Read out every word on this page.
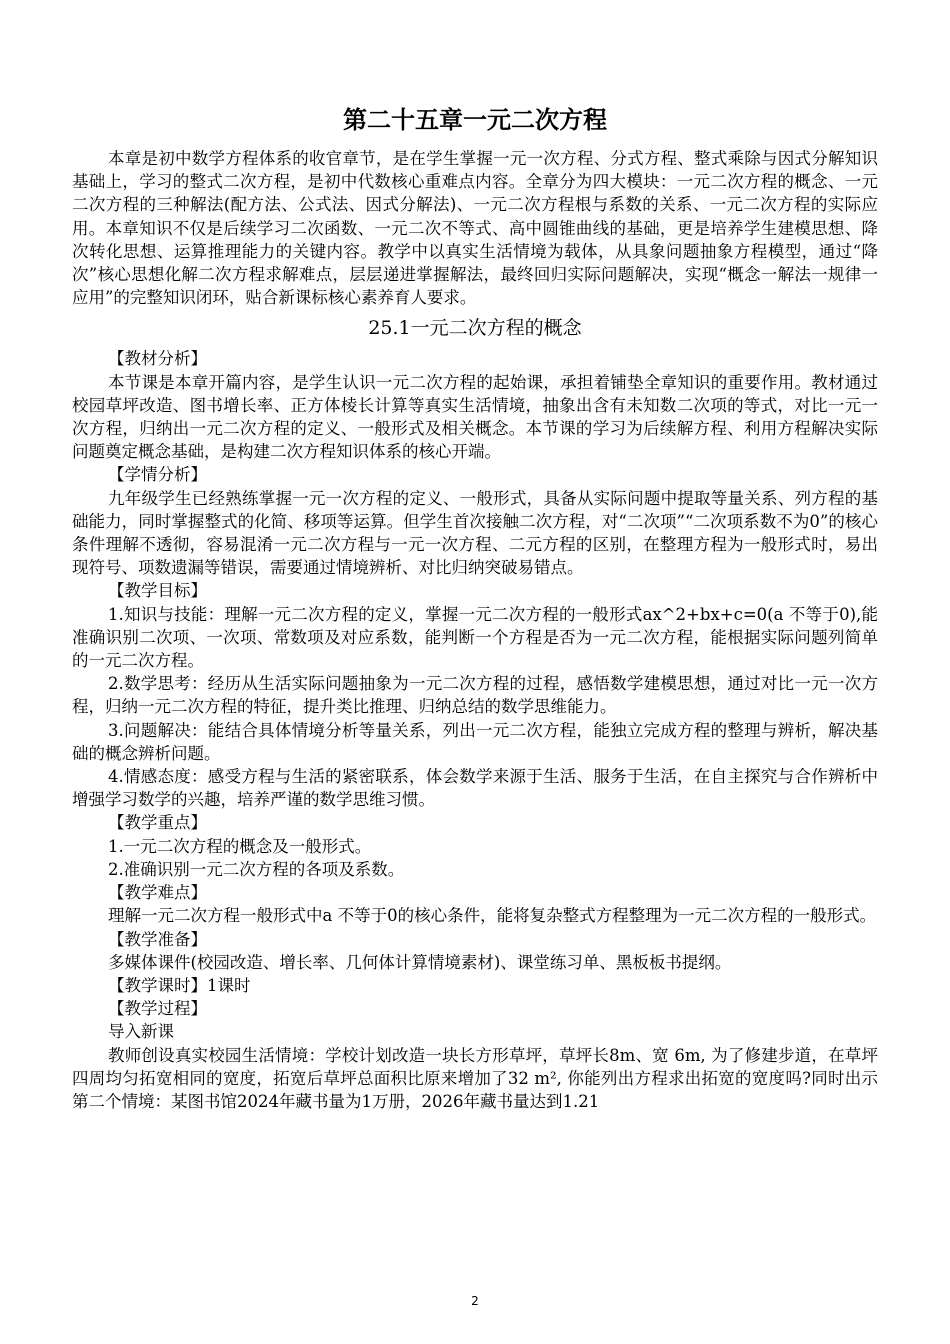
第二十五章一元二次方程

本章是初中数学方程体系的收官章节，是在学生掌握一元一次方程、分式方程、整式乘除与因式分解知识基础上，学习的整式二次方程，是初中代数核心重难点内容。全章分为四大模块：一元二次方程的概念、一元二次方程的三种解法(配方法、公式法、因式分解法)、一元二次方程根与系数的关系、一元二次方程的实际应用。本章知识不仅是后续学习二次函数、一元二次不等式、高中圆锥曲线的基础，更是培养学生建模思想、降次转化思想、运算推理能力的关键内容。教学中以真实生活情境为载体，从具象问题抽象方程模型，通过“降次”核心思想化解二次方程求解难点，层层递进掌握解法，最终回归实际问题解决，实现“概念一解法一规律一应用”的完整知识闭环，贴合新课标核心素养育人要求。

25.1一元二次方程的概念

【教材分析】

本节课是本章开篇内容，是学生认识一元二次方程的起始课，承担着铺垫全章知识的重要作用。教材通过校园草坪改造、图书增长率、正方体棱长计算等真实生活情境，抽象出含有未知数二次项的等式，对比一元一次方程，归纳出一元二次方程的定义、一般形式及相关概念。本节课的学习为后续解方程、利用方程解决实际问题奠定概念基础，是构建二次方程知识体系的核心开端。

【学情分析】

九年级学生已经熟练掌握一元一次方程的定义、一般形式，具备从实际问题中提取等量关系、列方程的基础能力，同时掌握整式的化简、移项等运算。但学生首次接触二次方程，对“二次项”“二次项系数不为0”的核心条件理解不透彻，容易混淆一元二次方程与一元一次方程、二元方程的区别，在整理方程为一般形式时，易出现符号、项数遗漏等错误，需要通过情境辨析、对比归纳突破易错点。

【教学目标】

1.知识与技能：理解一元二次方程的定义，掌握一元二次方程的一般形式ax^2+bx+c=0(a 不等于0),能准确识别二次项、一次项、常数项及对应系数，能判断一个方程是否为一元二次方程，能根据实际问题列简单的一元二次方程。

2.数学思考：经历从生活实际问题抽象为一元二次方程的过程，感悟数学建模思想，通过对比一元一次方程，归纳一元二次方程的特征，提升类比推理、归纳总结的数学思维能力。

3.问题解决：能结合具体情境分析等量关系，列出一元二次方程，能独立完成方程的整理与辨析，解决基础的概念辨析问题。

4.情感态度：感受方程与生活的紧密联系，体会数学来源于生活、服务于生活，在自主探究与合作辨析中增强学习数学的兴趣，培养严谨的数学思维习惯。

【教学重点】

1.一元二次方程的概念及一般形式。

2.准确识别一元二次方程的各项及系数。

【教学难点】

理解一元二次方程一般形式中a 不等于0的核心条件，能将复杂整式方程整理为一元二次方程的一般形式。

【教学准备】

多媒体课件(校园改造、增长率、几何体计算情境素材)、课堂练习单、黑板板书提纲。

【教学课时】1课时

【教学过程】

导入新课

教师创设真实校园生活情境：学校计划改造一块长方形草坪，草坪长8m、宽 6m, 为了修建步道，在草坪四周均匀拓宽相同的宽度，拓宽后草坪总面积比原来增加了32 m², 你能列出方程求出拓宽的宽度吗?同时出示第二个情境：某图书馆2024年藏书量为1万册，2026年藏书量达到1.21

2
